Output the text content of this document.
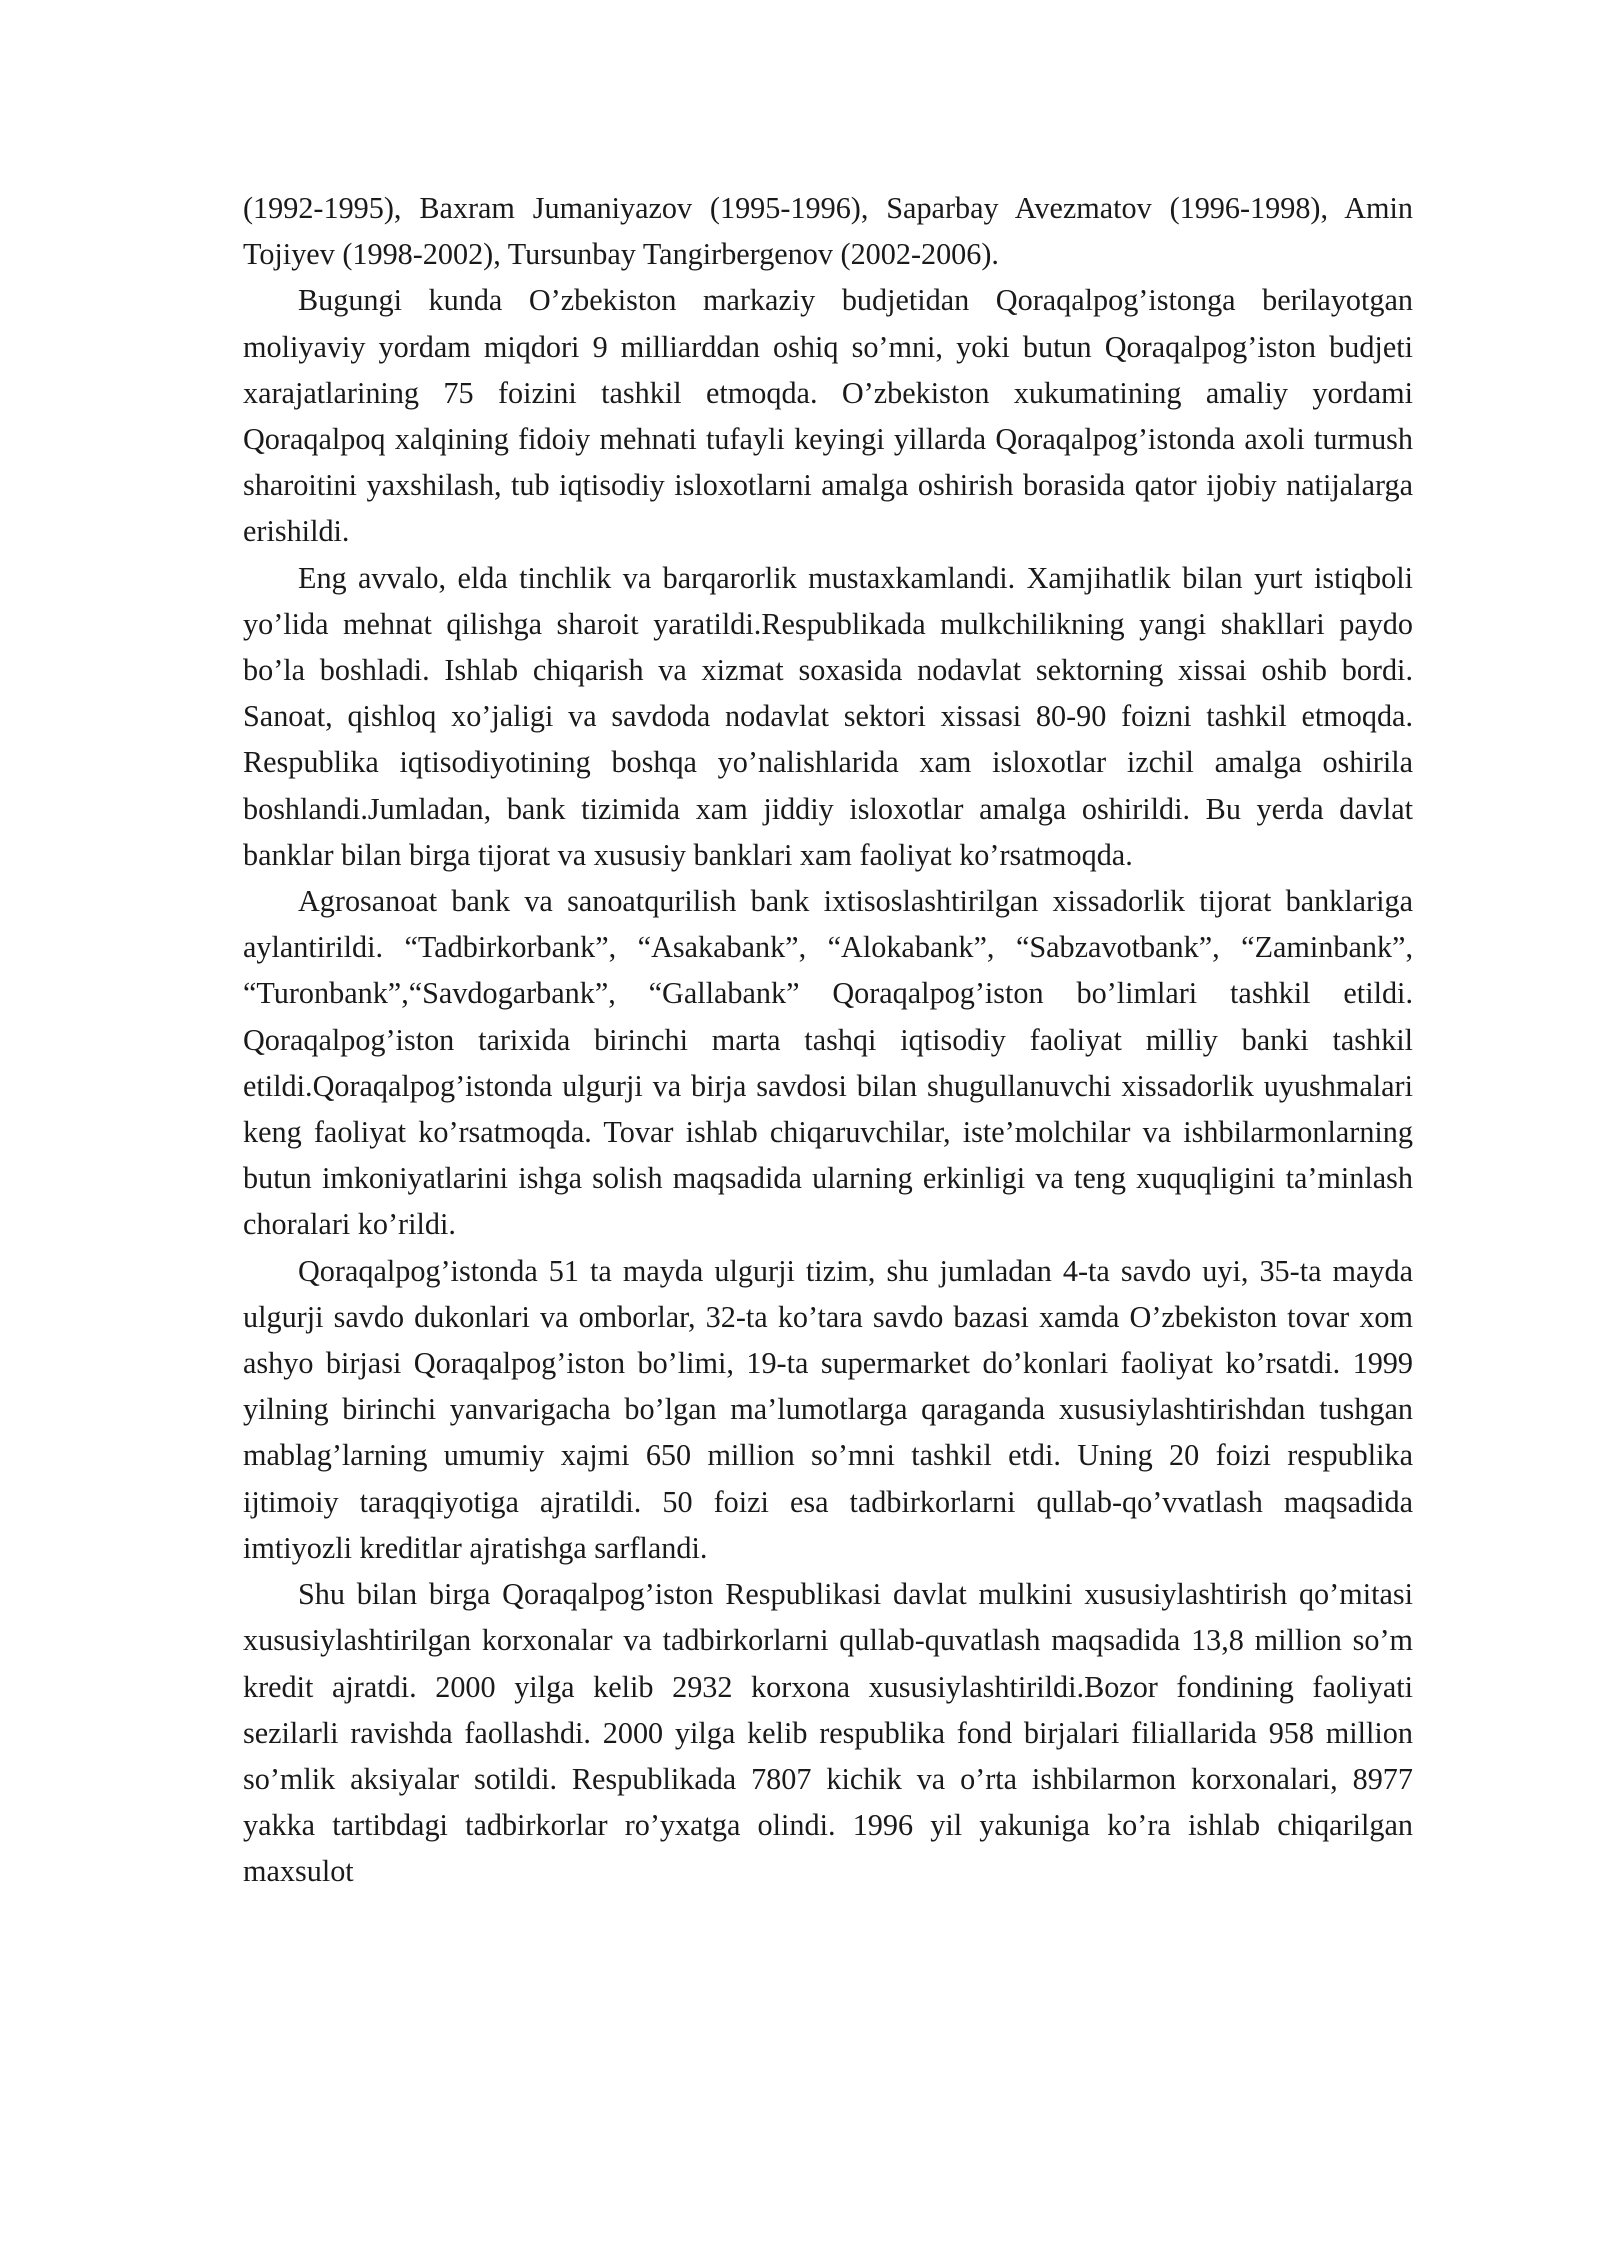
(1992-1995), Baxram Jumaniyazov (1995-1996), Saparbay Avezmatov (1996-1998), Amin Tojiyev (1998-2002), Tursunbay Tangirbergenov (2002-2006).

Bugungi kunda O’zbekiston markaziy budjetidan Qoraqalpog’istonga berilayotgan moliyaviy yordam miqdori 9 milliarddan oshiq so’mni, yoki butun Qoraqalpog’iston budjeti xarajatlarining 75 foizini tashkil etmoqda. O’zbekiston xukumatining amaliy yordami Qoraqalpoq xalqining fidoiy mehnati tufayli keyingi yillarda Qoraqalpog’istonda axoli turmush sharoitini yaxshilash, tub iqtisodiy isloxotlarni amalga oshirish borasida qator ijobiy natijalarga erishildi.

Eng avvalo, elda tinchlik va barqarorlik mustaxkamlandi. Xamjihatlik bilan yurt istiqboli yo’lida mehnat qilishga sharoit yaratildi.Respublikada mulkchilikning yangi shakllari paydo bo’la boshladi. Ishlab chiqarish va xizmat soxasida nodavlat sektorning xissai oshib bordi. Sanoat, qishloq xo’jaligi va savdoda nodavlat sektori xissasi 80-90 foizni tashkil etmoqda. Respublika iqtisodiyotining boshqa yo’nalishlarida xam isloxotlar izchil amalga oshirila boshlandi.Jumladan, bank tizimida xam jiddiy isloxotlar amalga oshirildi. Bu yerda davlat banklar bilan birga tijorat va xususiy banklari xam faoliyat ko’rsatmoqda.

Agrosanoat bank va sanoatqurilish bank ixtisoslashtirilgan xissadorlik tijorat banklariga aylantirildi. “Tadbirkorbank”, “Asakabank”, “Alokabank”, “Sabzavotbank”, “Zaminbank”, “Turonbank”,“Savdogarbank”, “Gallabank” Qoraqalpog’iston bo’limlari tashkil etildi. Qoraqalpog’iston tarixida birinchi marta tashqi iqtisodiy faoliyat milliy banki tashkil etildi.Qoraqalpog’istonda ulgurji va birja savdosi bilan shugullanuvchi xissadorlik uyushmalari keng faoliyat ko’rsatmoqda. Tovar ishlab chiqaruvchilar, iste’molchilar va ishbilarmonlarning butun imkoniyatlarini ishga solish maqsadida ularning erkinligi va teng xuquqligini ta’minlash choralari ko’rildi.

Qoraqalpog’istonda 51 ta mayda ulgurji tizim, shu jumladan 4-ta savdo uyi, 35-ta mayda ulgurji savdo dukonlari va omborlar, 32-ta ko’tara savdo bazasi xamda O’zbekiston tovar xom ashyo birjasi Qoraqalpog’iston bo’limi, 19-ta supermarket do’konlari faoliyat ko’rsatdi. 1999 yilning birinchi yanvarigacha bo’lgan ma’lumotlarga qaraganda xususiylashtirishdan tushgan mablag’larning umumiy xajmi 650 million so’mni tashkil etdi. Uning 20 foizi respublika ijtimoiy taraqqiyotiga ajratildi. 50 foizi esa tadbirkorlarni qullab-qo’vvatlash maqsadida imtiyozli kreditlar ajratishga sarflandi.

Shu bilan birga Qoraqalpog’iston Respublikasi davlat mulkini xususiylashtirish qo’mitasi xususiylashtirilgan korxonalar va tadbirkorlarni qullab-quvatlash maqsadida 13,8 million so’m kredit ajratdi. 2000 yilga kelib 2932 korxona xususiylashtirildi.Bozor fondining faoliyati sezilarli ravishda faollashdi. 2000 yilga kelib respublika fond birjalari filiallarida 958 million so’mlik aksiyalar sotildi. Respublikada 7807 kichik va o’rta ishbilarmon korxonalari, 8977 yakka tartibdagi tadbirkorlar ro’yxatga olindi. 1996 yil yakuniga ko’ra ishlab chiqarilgan maxsulot
